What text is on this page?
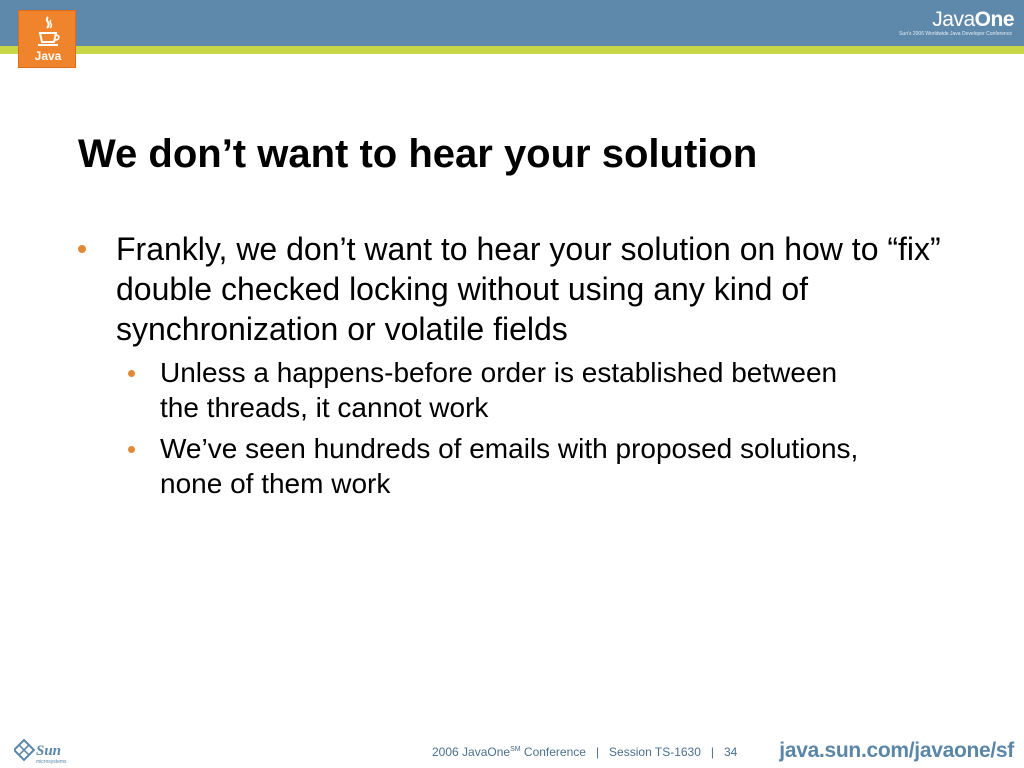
Java
JavaOne
Sun's 2006 Worldwide Java Developer Conference
We don’t want to hear your solution
Frankly, we don’t want to hear your solution on how to “fix” double checked locking without using any kind of synchronization or volatile fields
Unless a happens-before order is established between the threads, it cannot work
We’ve seen hundreds of emails with proposed solutions, none of them work
Sun
microsystems
2006 JavaOne℠ Conference   |   Session TS-1630   |   34 java.sun.com/javaone/sf
